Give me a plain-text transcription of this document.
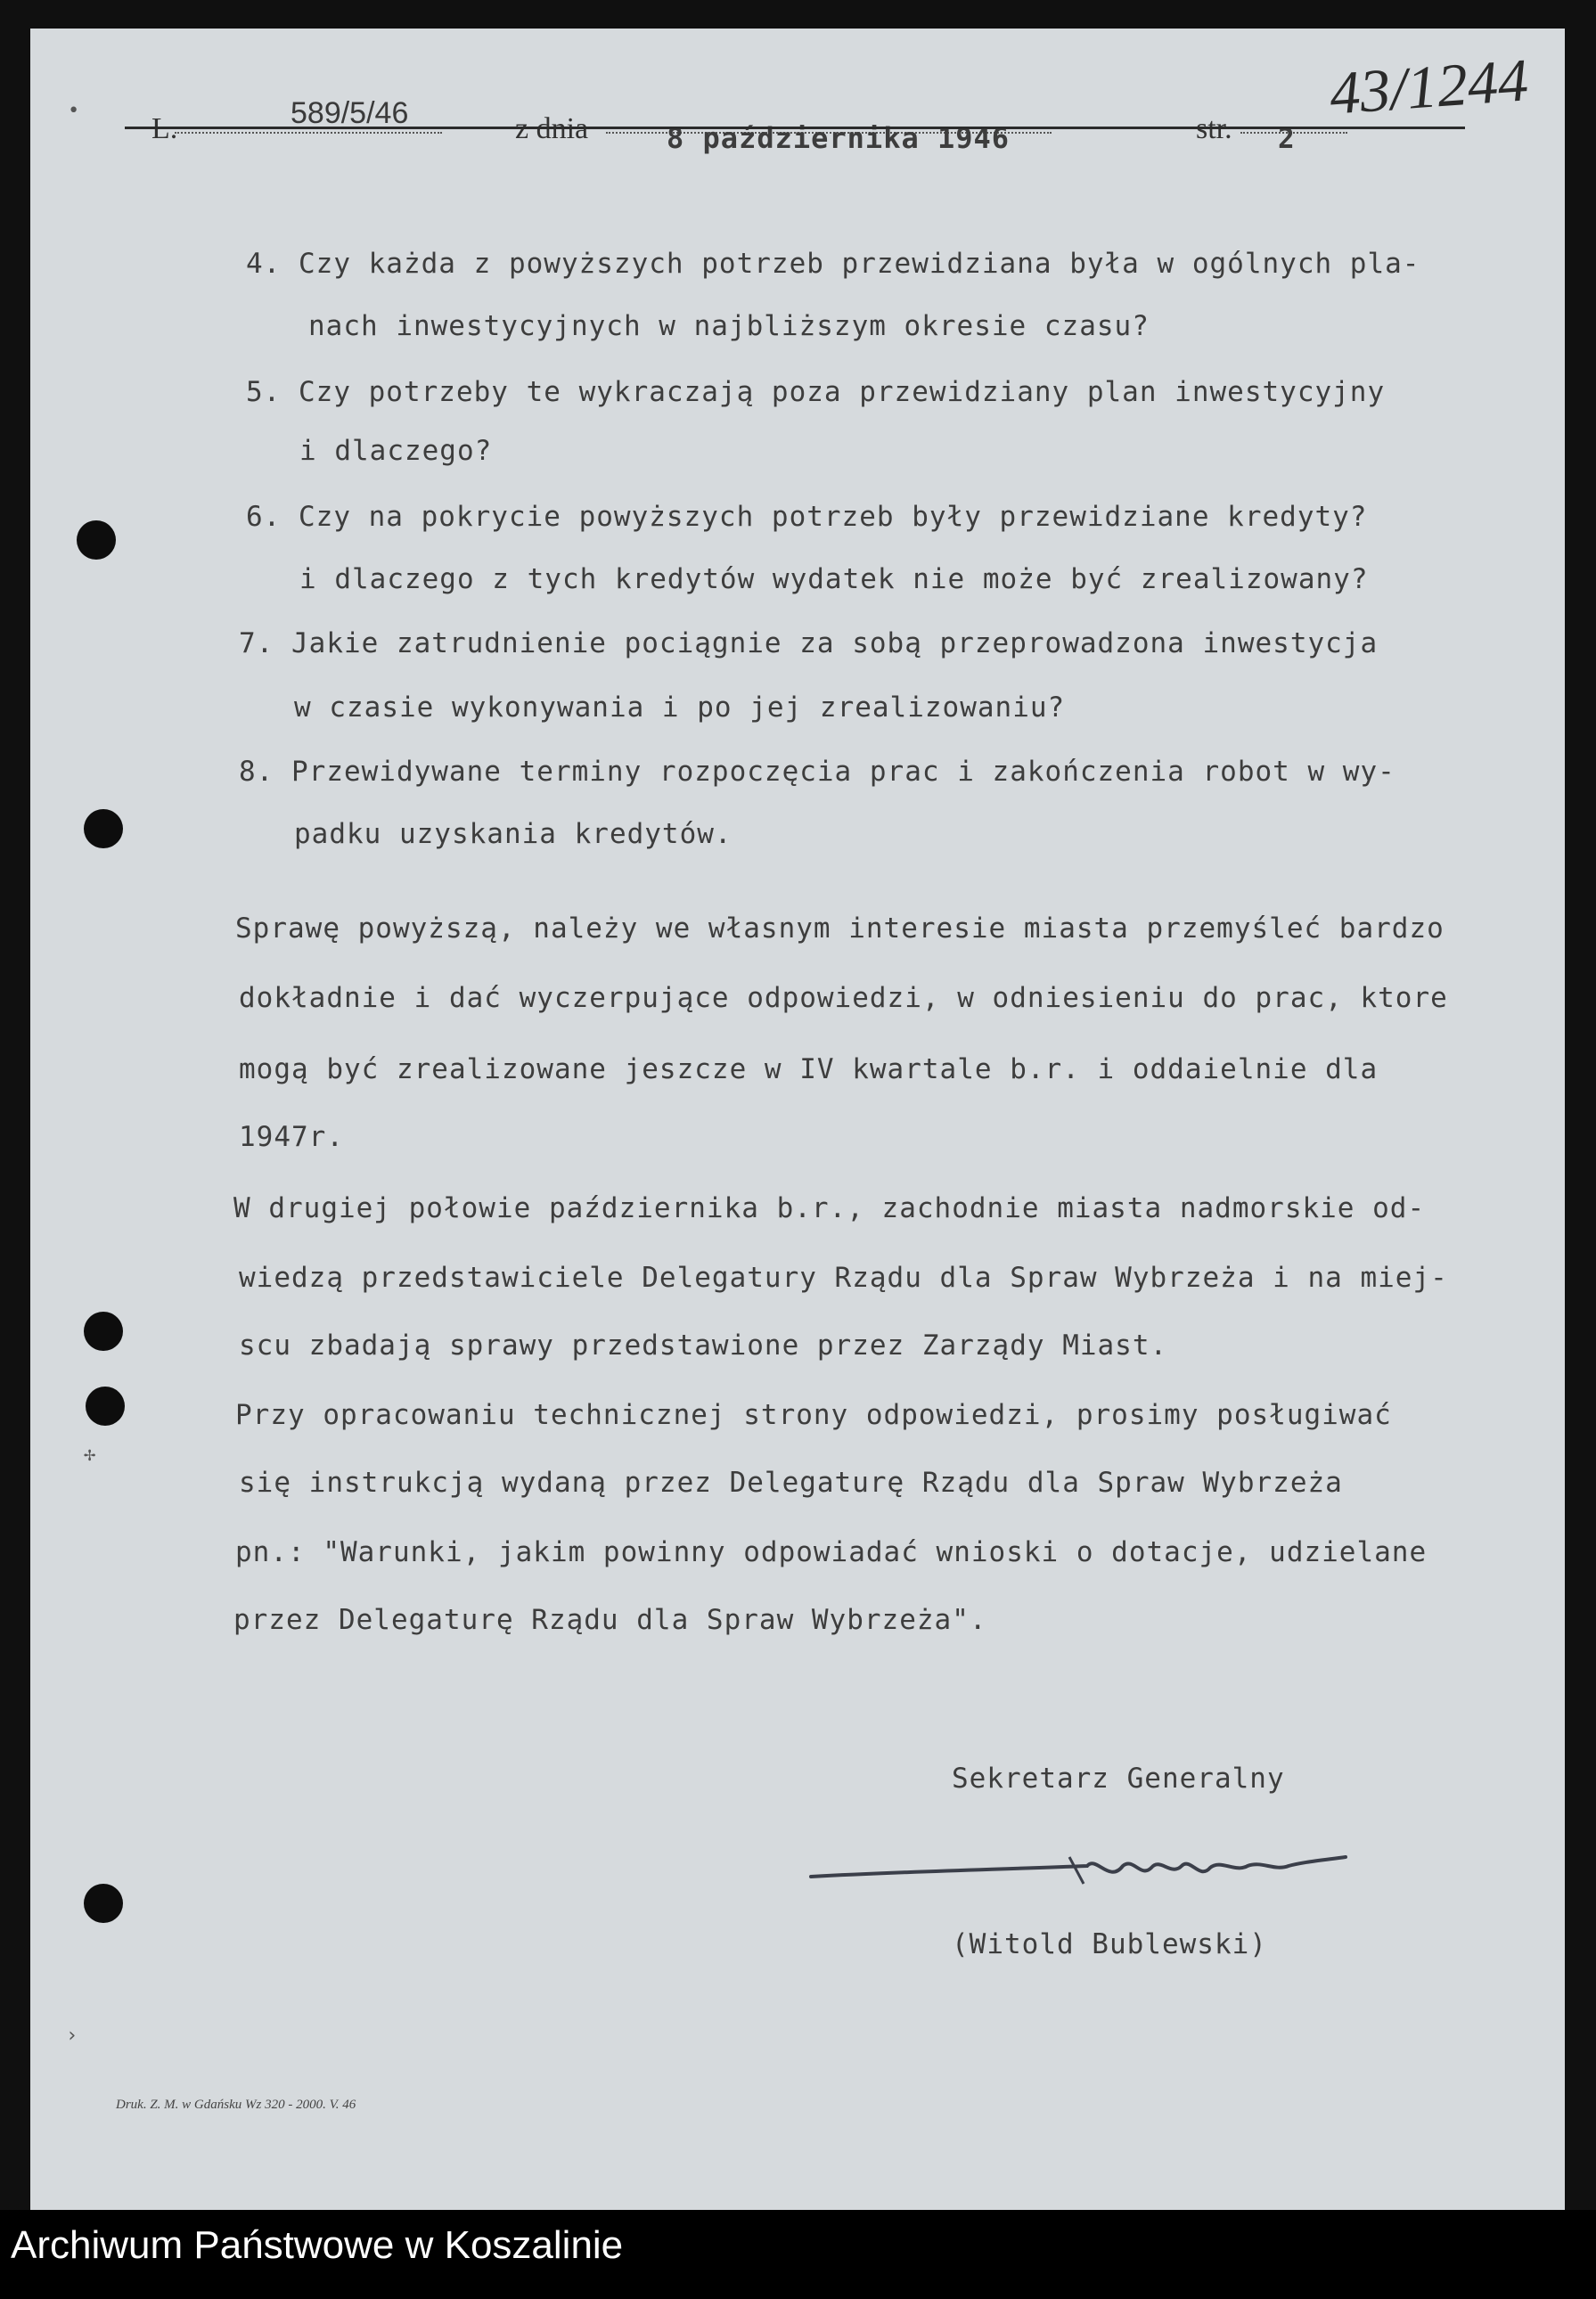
•
✢
›
L.	589/5/46	z dnia	8 października 1946	str. 2
43/1244
4. Czy każda z powyższych potrzeb przewidziana była w ogólnych pla-
nach inwestycyjnych w najbliższym okresie czasu?
5. Czy potrzeby te wykraczają poza przewidziany plan inwestycyjny
i dlaczego?
6. Czy na pokrycie powyższych potrzeb były przewidziane kredyty?
i dlaczego z tych kredytów wydatek nie może być zrealizowany?
7. Jakie zatrudnienie pociągnie za sobą przeprowadzona inwestycja
w czasie wykonywania i po jej zrealizowaniu?
8. Przewidywane terminy rozpoczęcia prac i zakończenia robot w wy-
padku uzyskania kredytów.
Sprawę powyższą, należy we własnym interesie miasta przemyśleć bardzo
dokładnie i dać wyczerpujące odpowiedzi, w odniesieniu do prac, ktore
mogą być zrealizowane jeszcze w IV kwartale b.r. i oddaielnie dla
1947r.
W drugiej połowie października b.r., zachodnie miasta nadmorskie od-
wiedzą przedstawiciele Delegatury Rządu dla Spraw Wybrzeża i na miej-
scu zbadają sprawy przedstawione przez Zarządy Miast.
Przy opracowaniu technicznej strony odpowiedzi, prosimy posługiwać
się instrukcją wydaną przez Delegaturę Rządu dla Spraw Wybrzeża
pn.: "Warunki, jakim powinny odpowiadać wnioski o dotacje, udzielane
przez Delegaturę Rządu dla Spraw Wybrzeża".
Sekretarz Generalny
(Witold Bublewski)
Druk. Z. M. w Gdańsku Wz 320 - 2000. V. 46
Archiwum Państwowe w Koszalinie
